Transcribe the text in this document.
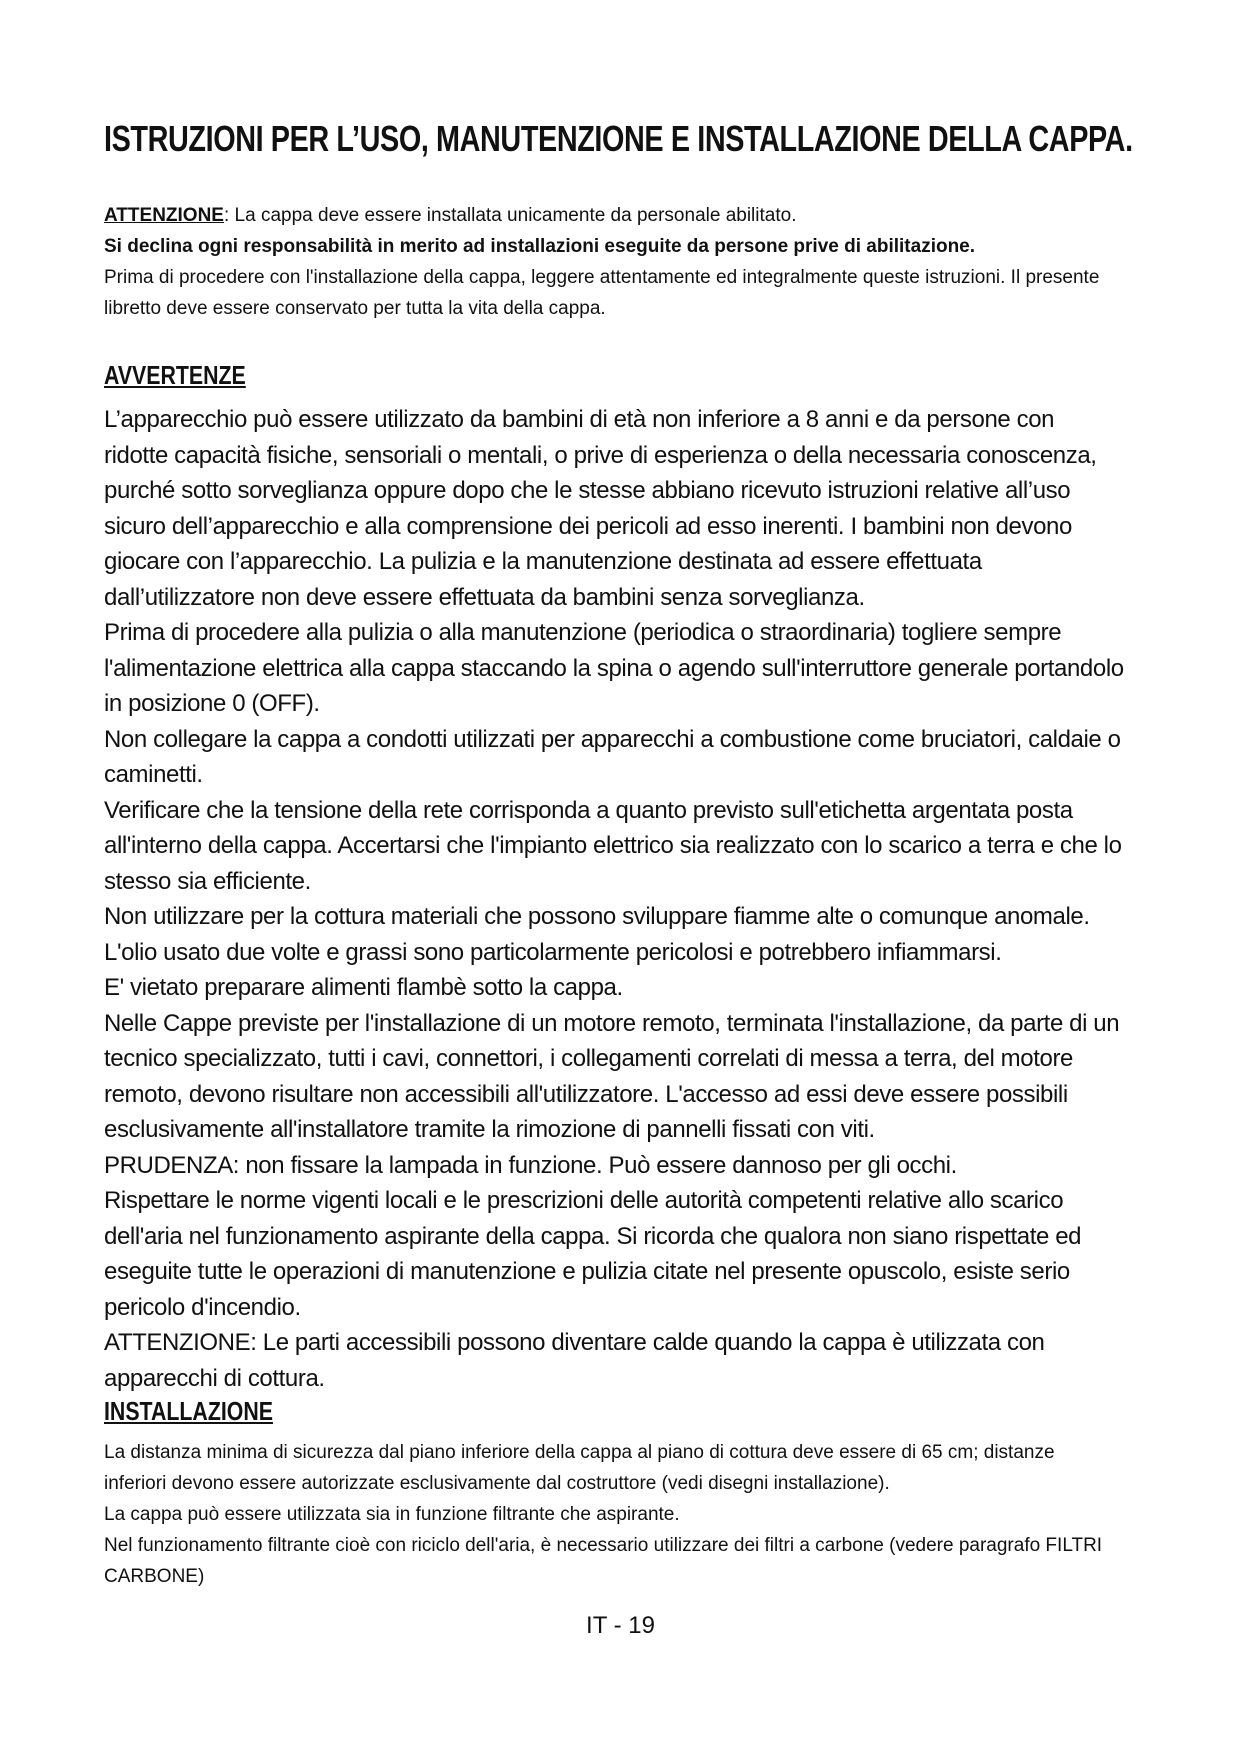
ISTRUZIONI PER L’USO, MANUTENZIONE E INSTALLAZIONE DELLA CAPPA.

ATTENZIONE: La cappa deve essere installata unicamente da personale abilitato.

Si declina ogni responsabilità in merito ad installazioni eseguite da persone prive di abilitazione.

Prima di procedere con l'installazione della cappa, leggere attentamente ed integralmente queste istruzioni. Il presente libretto deve essere conservato per tutta la vita della cappa.

AVVERTENZE

L’apparecchio può essere utilizzato da bambini di età non inferiore a 8 anni e da persone con ridotte capacità fisiche, sensoriali o mentali, o prive di esperienza o della necessaria conoscenza, purché sotto sorveglianza oppure dopo che le stesse abbiano ricevuto istruzioni relative all’uso sicuro dell’apparecchio e alla comprensione dei pericoli ad esso inerenti. I bambini non devono giocare con l’apparecchio. La pulizia e la manutenzione destinata ad essere effettuata dall’utilizzatore non deve essere effettuata da bambini senza sorveglianza.

Prima di procedere alla pulizia o alla manutenzione (periodica o straordinaria) togliere sempre l'alimentazione elettrica alla cappa staccando la spina o agendo sull'interruttore generale portandolo in posizione 0 (OFF).

Non collegare la cappa a condotti utilizzati per apparecchi a combustione come bruciatori, caldaie o caminetti.

Verificare che la tensione della rete corrisponda a quanto previsto sull'etichetta argentata posta all'interno della cappa. Accertarsi che l'impianto elettrico sia realizzato con lo scarico a terra e che lo stesso sia efficiente.

Non utilizzare per la cottura materiali che possono sviluppare fiamme alte o comunque anomale. L'olio usato due volte e grassi sono particolarmente pericolosi e potrebbero infiammarsi.

E' vietato preparare alimenti flambè sotto la cappa.

Nelle Cappe previste per l'installazione di un motore remoto, terminata l'installazione, da parte di un tecnico specializzato, tutti i cavi, connettori, i collegamenti correlati di messa a terra, del motore remoto, devono risultare non accessibili all'utilizzatore. L'accesso ad essi deve essere possibili esclusivamente all'installatore tramite la rimozione di pannelli fissati con viti.

PRUDENZA: non fissare la lampada in funzione. Può essere dannoso per gli occhi.

Rispettare le norme vigenti locali e le prescrizioni delle autorità competenti relative allo scarico dell'aria nel funzionamento aspirante della cappa. Si ricorda che qualora non siano rispettate ed eseguite tutte le operazioni di manutenzione e pulizia citate nel presente opuscolo, esiste serio pericolo d'incendio.

ATTENZIONE: Le parti accessibili possono diventare calde quando la cappa è utilizzata con apparecchi di cottura.

INSTALLAZIONE

La distanza minima di sicurezza dal piano inferiore della cappa al piano di cottura deve essere di 65 cm; distanze inferiori devono essere autorizzate esclusivamente dal costruttore (vedi disegni installazione).

La cappa può essere utilizzata sia in funzione filtrante che aspirante.

Nel funzionamento filtrante cioè con riciclo dell'aria, è necessario utilizzare dei filtri a carbone (vedere paragrafo FILTRI CARBONE)

IT - 19
